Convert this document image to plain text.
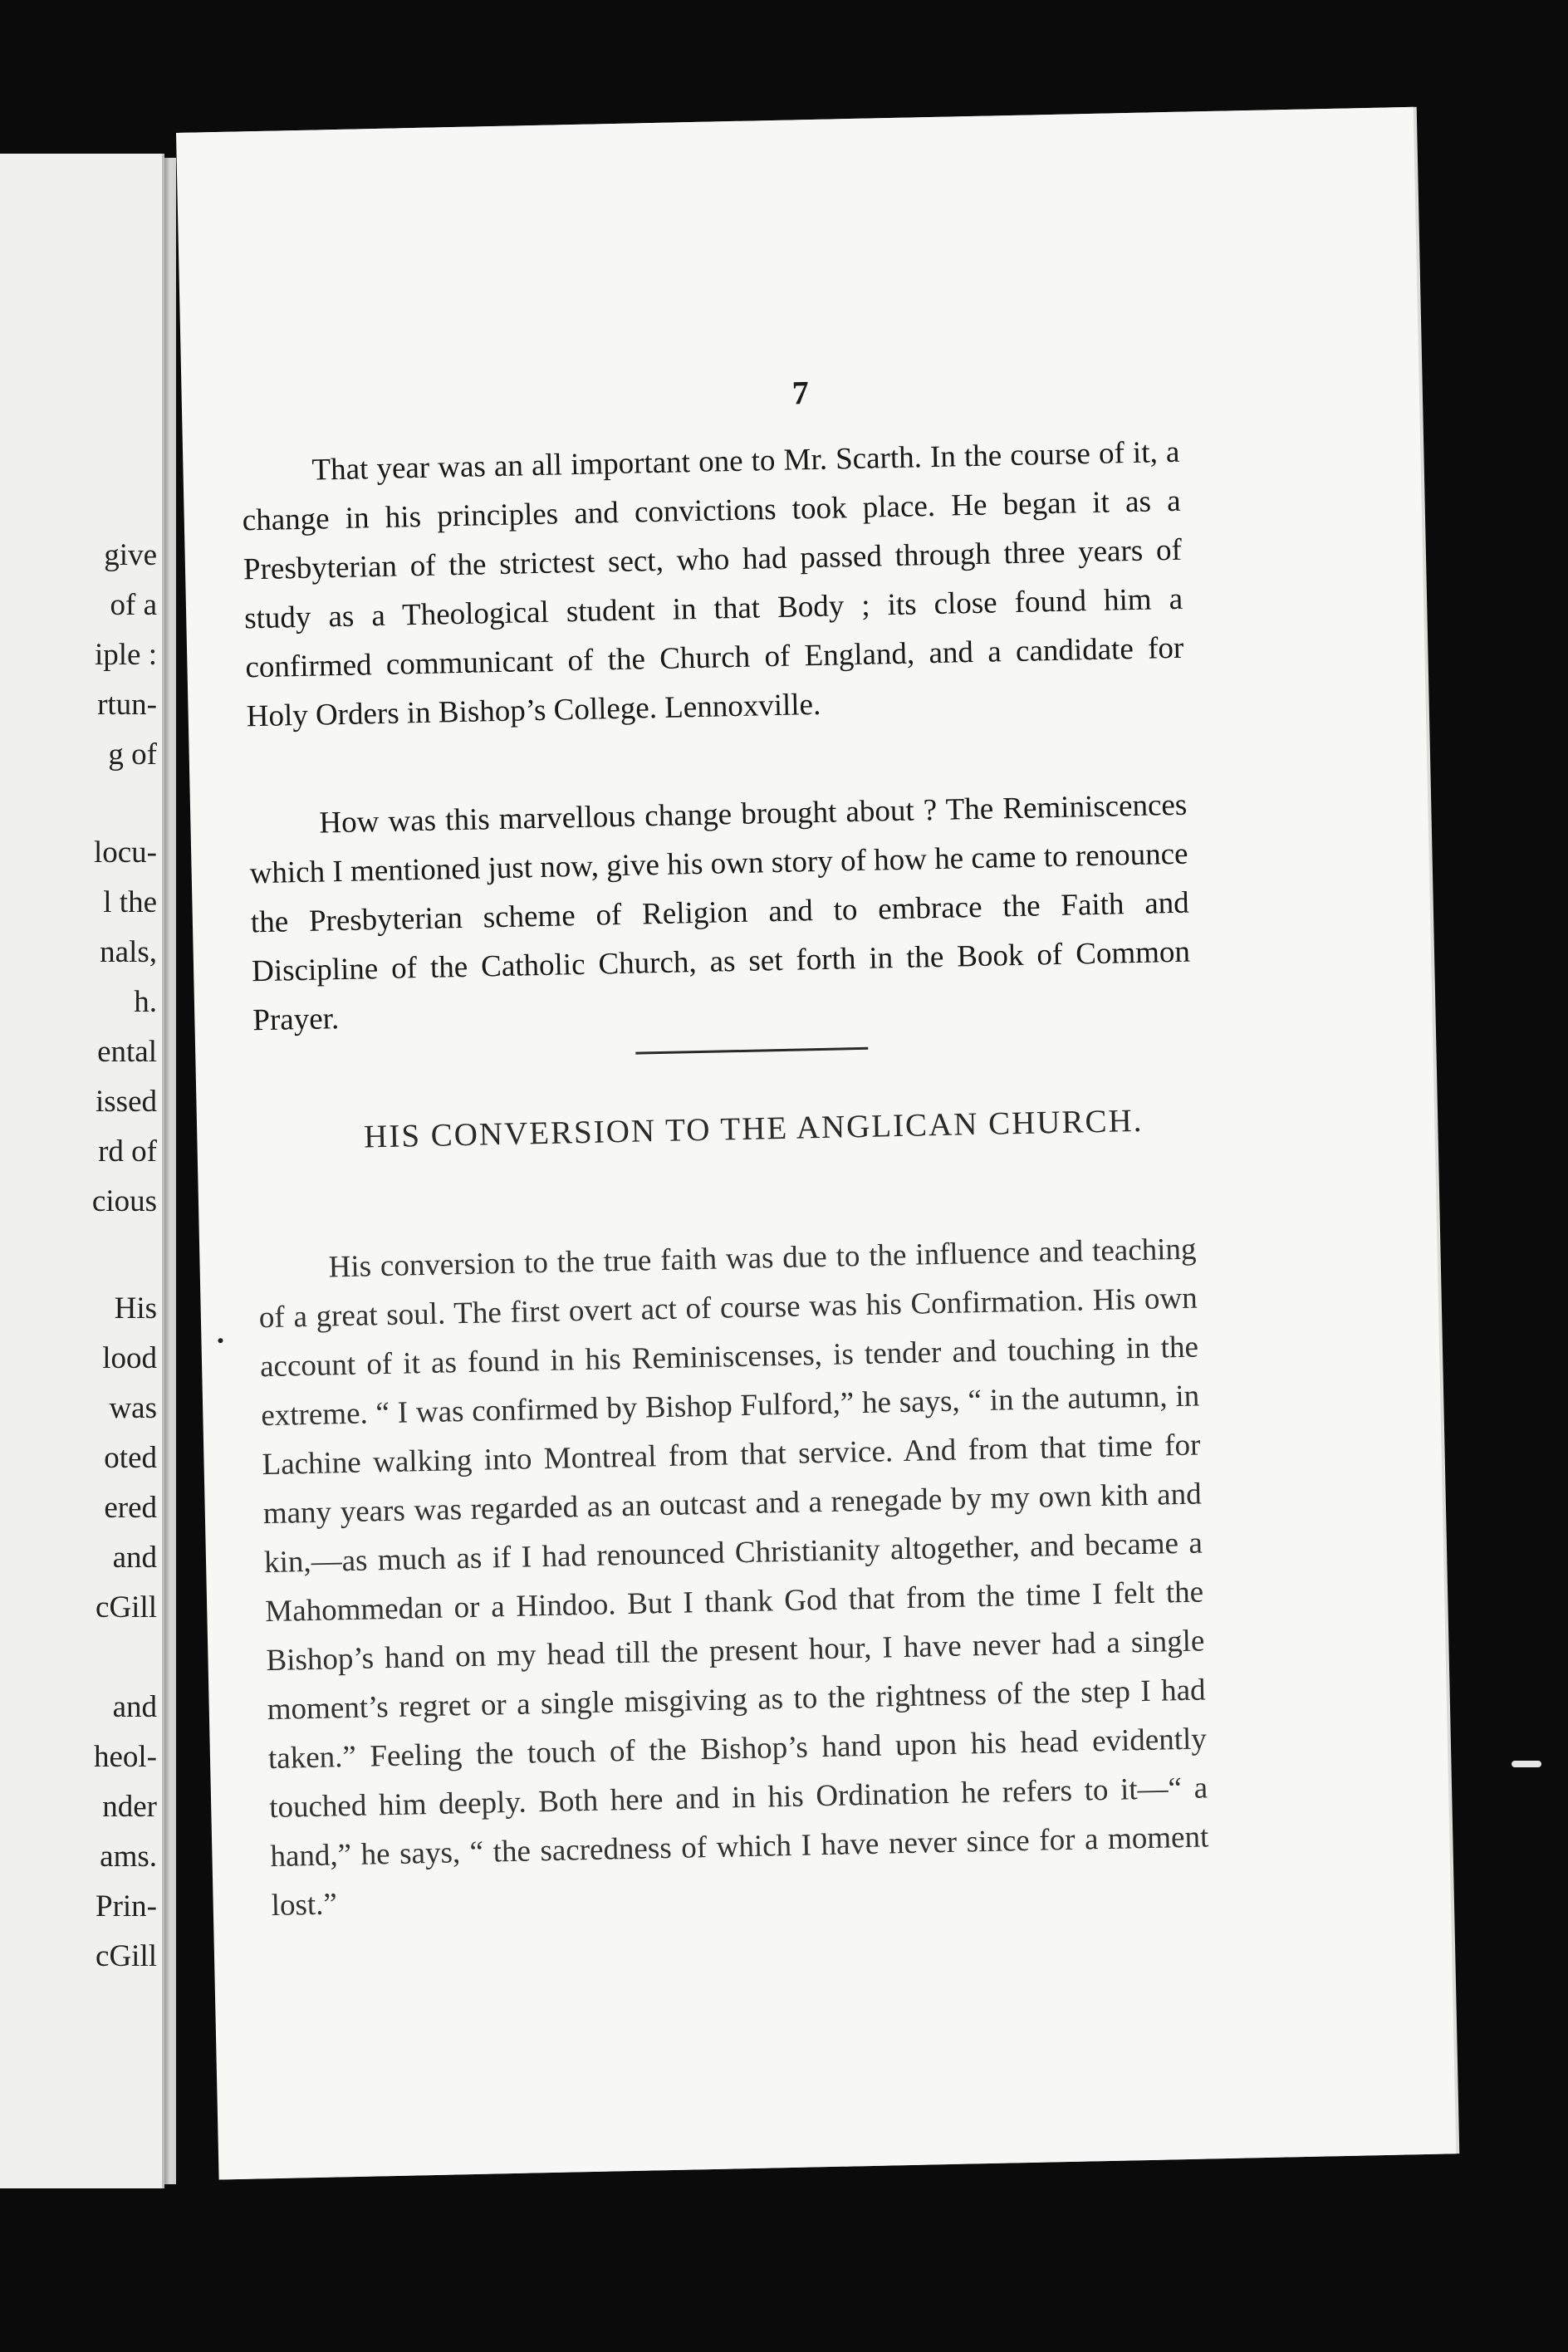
give
of a
iple :
rtun-
g of
locu-
l the
nals,
h.
ental
issed
rd of
cious
His
lood
was
oted
ered
and
cGill
and
heol-
nder
ams.
Prin-
cGill
7

That year was an all important one to Mr. Scarth. In the course of it, a change in his principles and convictions took place. He began it as a Presbyterian of the strictest sect, who had passed through three years of study as a Theological student in that Body ; its close found him a confirmed communicant of the Church of England, and a candidate for Holy Orders in Bishop’s College. Lennoxville.

How was this marvellous change brought about ? The Reminiscences which I mentioned just now, give his own story of how he came to renounce the Presbyterian scheme of Religion and to embrace the Faith and Discipline of the Catholic Church, as set forth in the Book of Common Prayer.

HIS CONVERSION TO THE ANGLICAN CHURCH.

His conversion to the true faith was due to the influence and teaching of a great soul. The first overt act of course was his Confirmation. His own account of it as found in his Reminiscenses, is tender and touching in the extreme. “ I was confirmed by Bishop Fulford,” he says, “ in the autumn, in Lachine walking into Montreal from that service. And from that time for many years was regarded as an outcast and a renegade by my own kith and kin,—as much as if I had renounced Christianity altogether, and became a Mahommedan or a Hindoo. But I thank God that from the time I felt the Bishop’s hand on my head till the present hour, I have never had a single moment’s regret or a single misgiving as to the rightness of the step I had taken.” Feeling the touch of the Bishop’s hand upon his head evidently touched him deeply. Both here and in his Ordination he refers to it—“ a hand,” he says, “ the sacredness of which I have never since for a moment lost.”
